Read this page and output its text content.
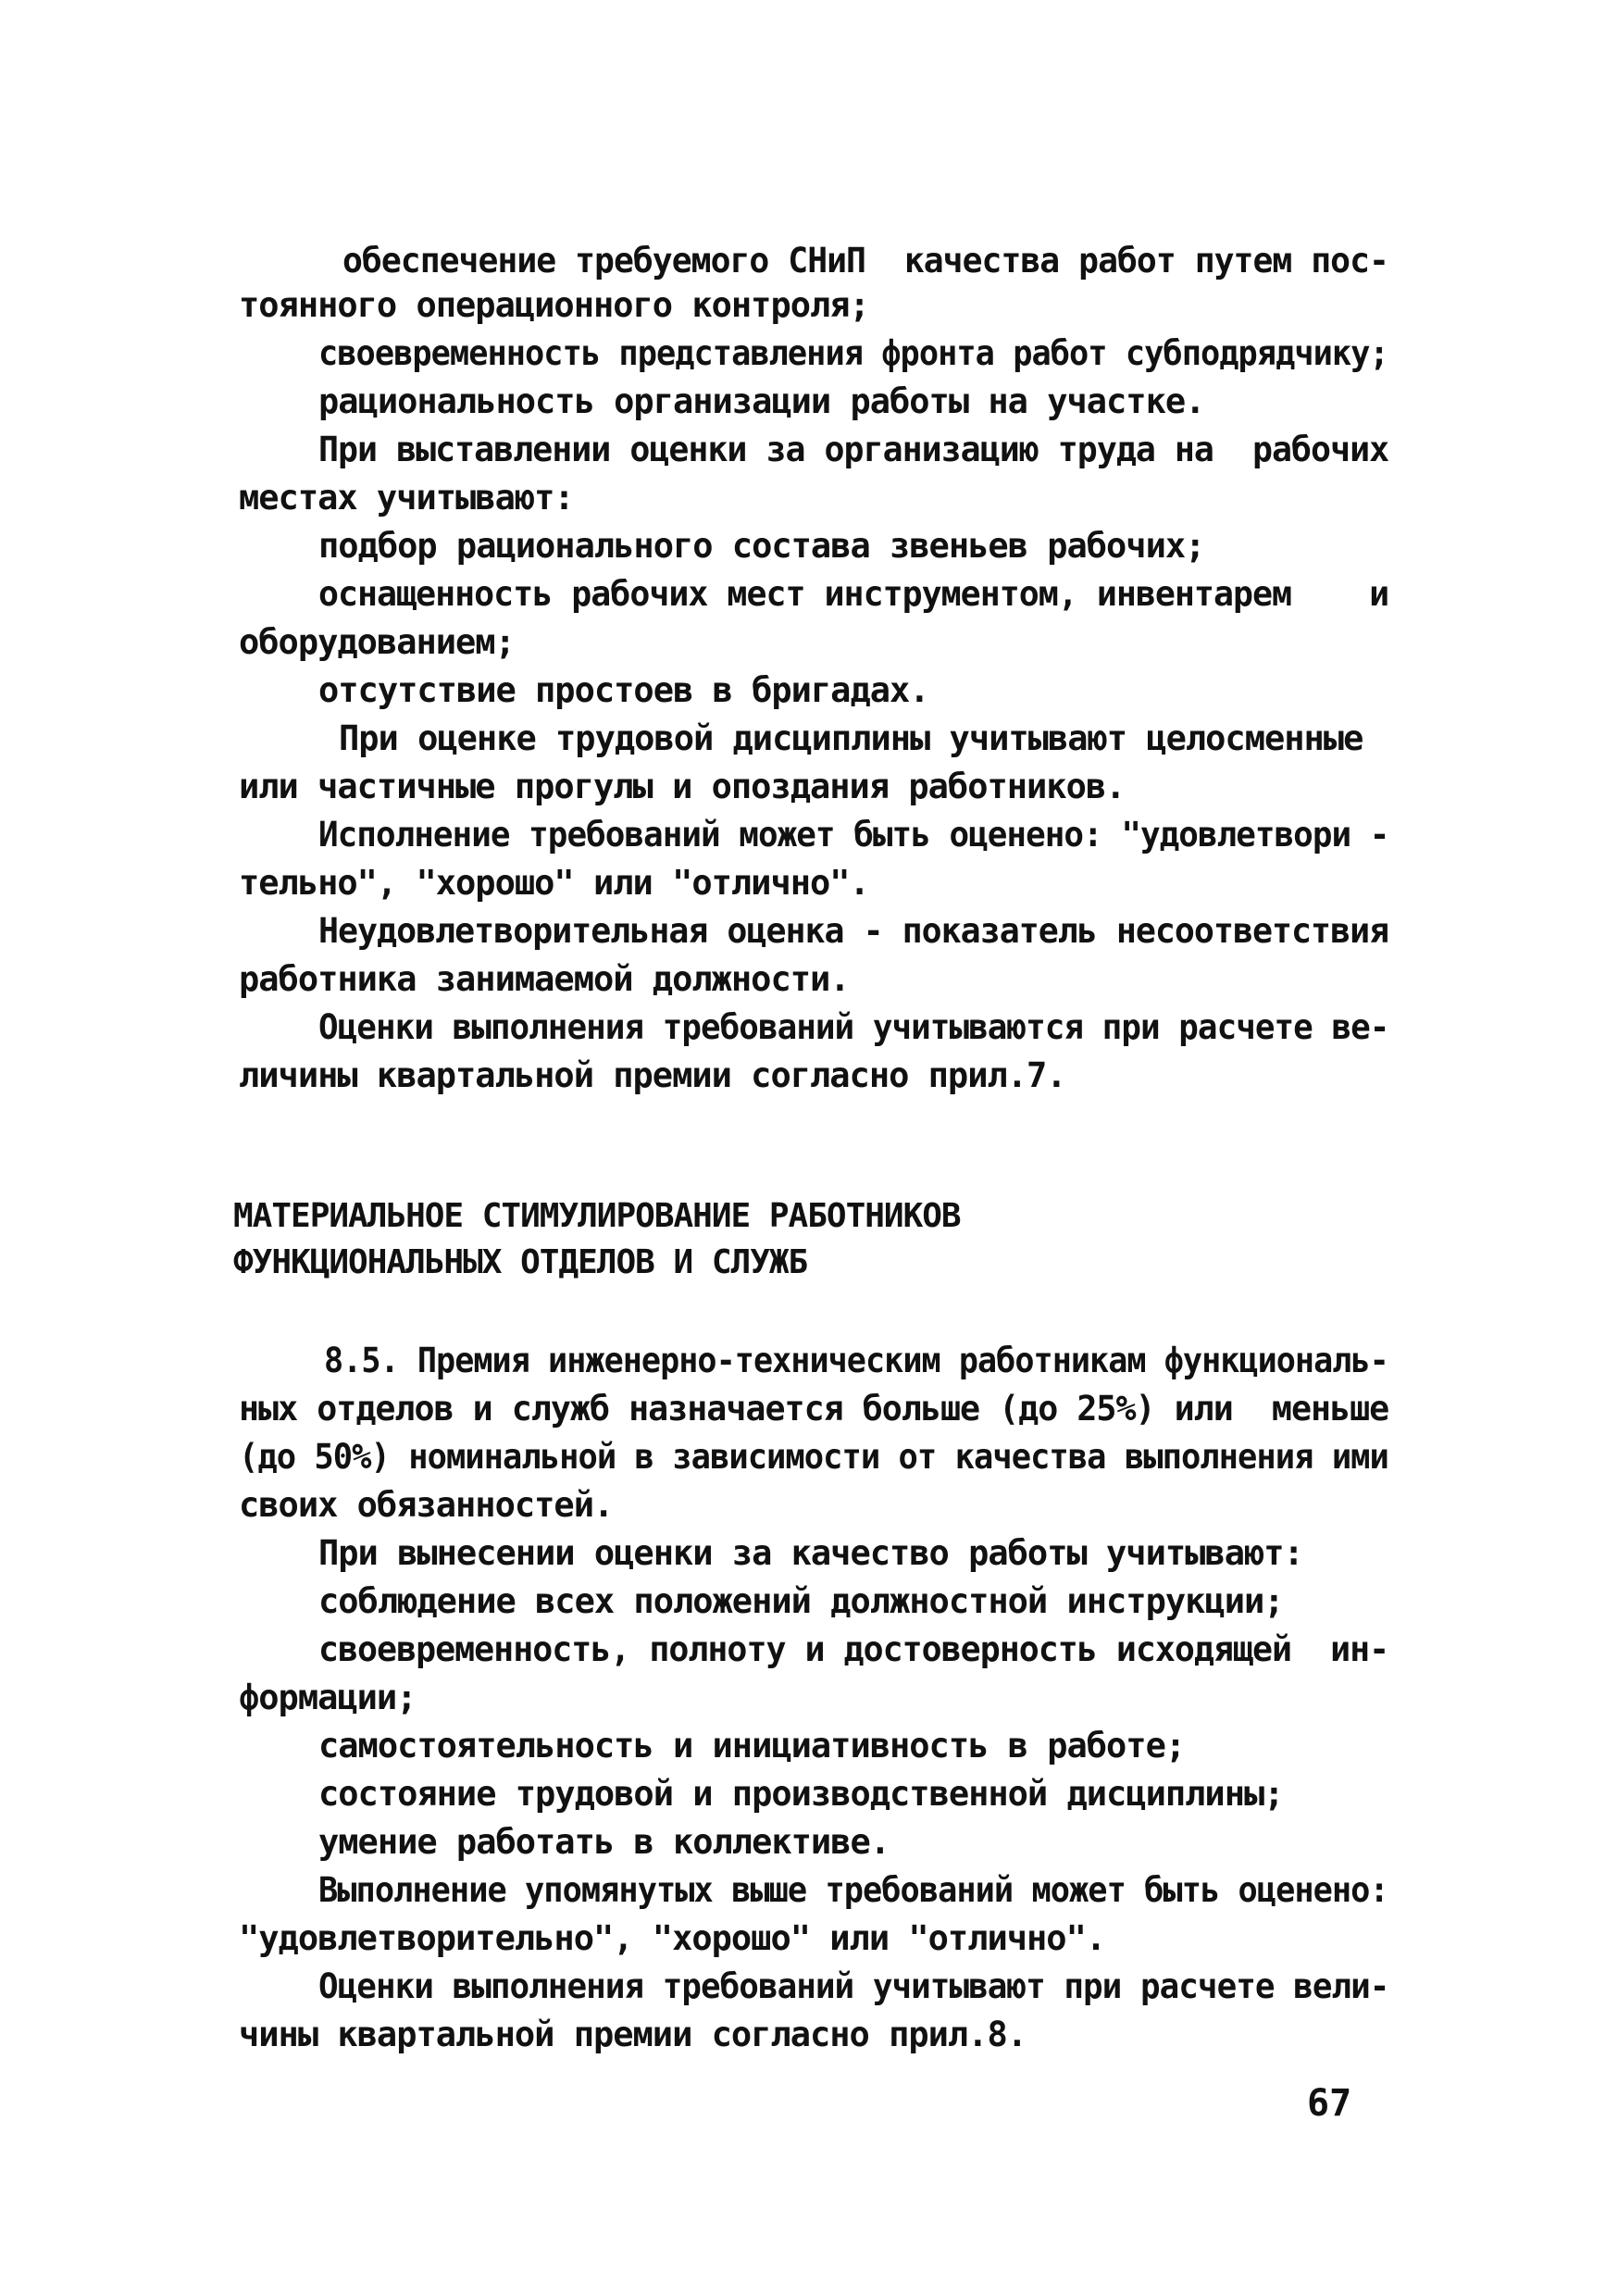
обеспечение требуемого СНиП  качества работ путем пос-
тоянного операционного контроля;
своевременность представления фронта работ субподрядчику;
рациональность организации работы на участке.
При выставлении оценки за организацию труда на  рабочих
местах учитывают:
подбор рационального состава звеньев рабочих;
оснащенность рабочих мест инструментом, инвентарем    и
оборудованием;
отсутствие простоев в бригадах.
При оценке трудовой дисциплины учитывают целосменные
или частичные прогулы и опоздания работников.
Исполнение требований может быть оценено: "удовлетвори -
тельно", "хорошо" или "отлично".
Неудовлетворительная оценка - показатель несоответствия
работника занимаемой должности.
Оценки выполнения требований учитываются при расчете ве-
личины квартальной премии согласно прил.7.
МАТЕРИАЛЬНОЕ СТИМУЛИРОВАНИЕ РАБОТНИКОВ
ФУНКЦИОНАЛЬНЫХ ОТДЕЛОВ И СЛУЖБ
8.5. Премия инженерно-техническим работникам функциональ-
ных отделов и служб назначается больше (до 25%) или  меньше
(до 50%) номинальной в зависимости от качества выполнения ими
своих обязанностей.
При вынесении оценки за качество работы учитывают:
соблюдение всех положений должностной инструкции;
своевременность, полноту и достоверность исходящей  ин-
формации;
самостоятельность и инициативность в работе;
состояние трудовой и производственной дисциплины;
умение работать в коллективе.
Выполнение упомянутых выше требований может быть оценено:
"удовлетворительно", "хорошо" или "отлично".
Оценки выполнения требований учитывают при расчете вели-
чины квартальной премии согласно прил.8.
67
